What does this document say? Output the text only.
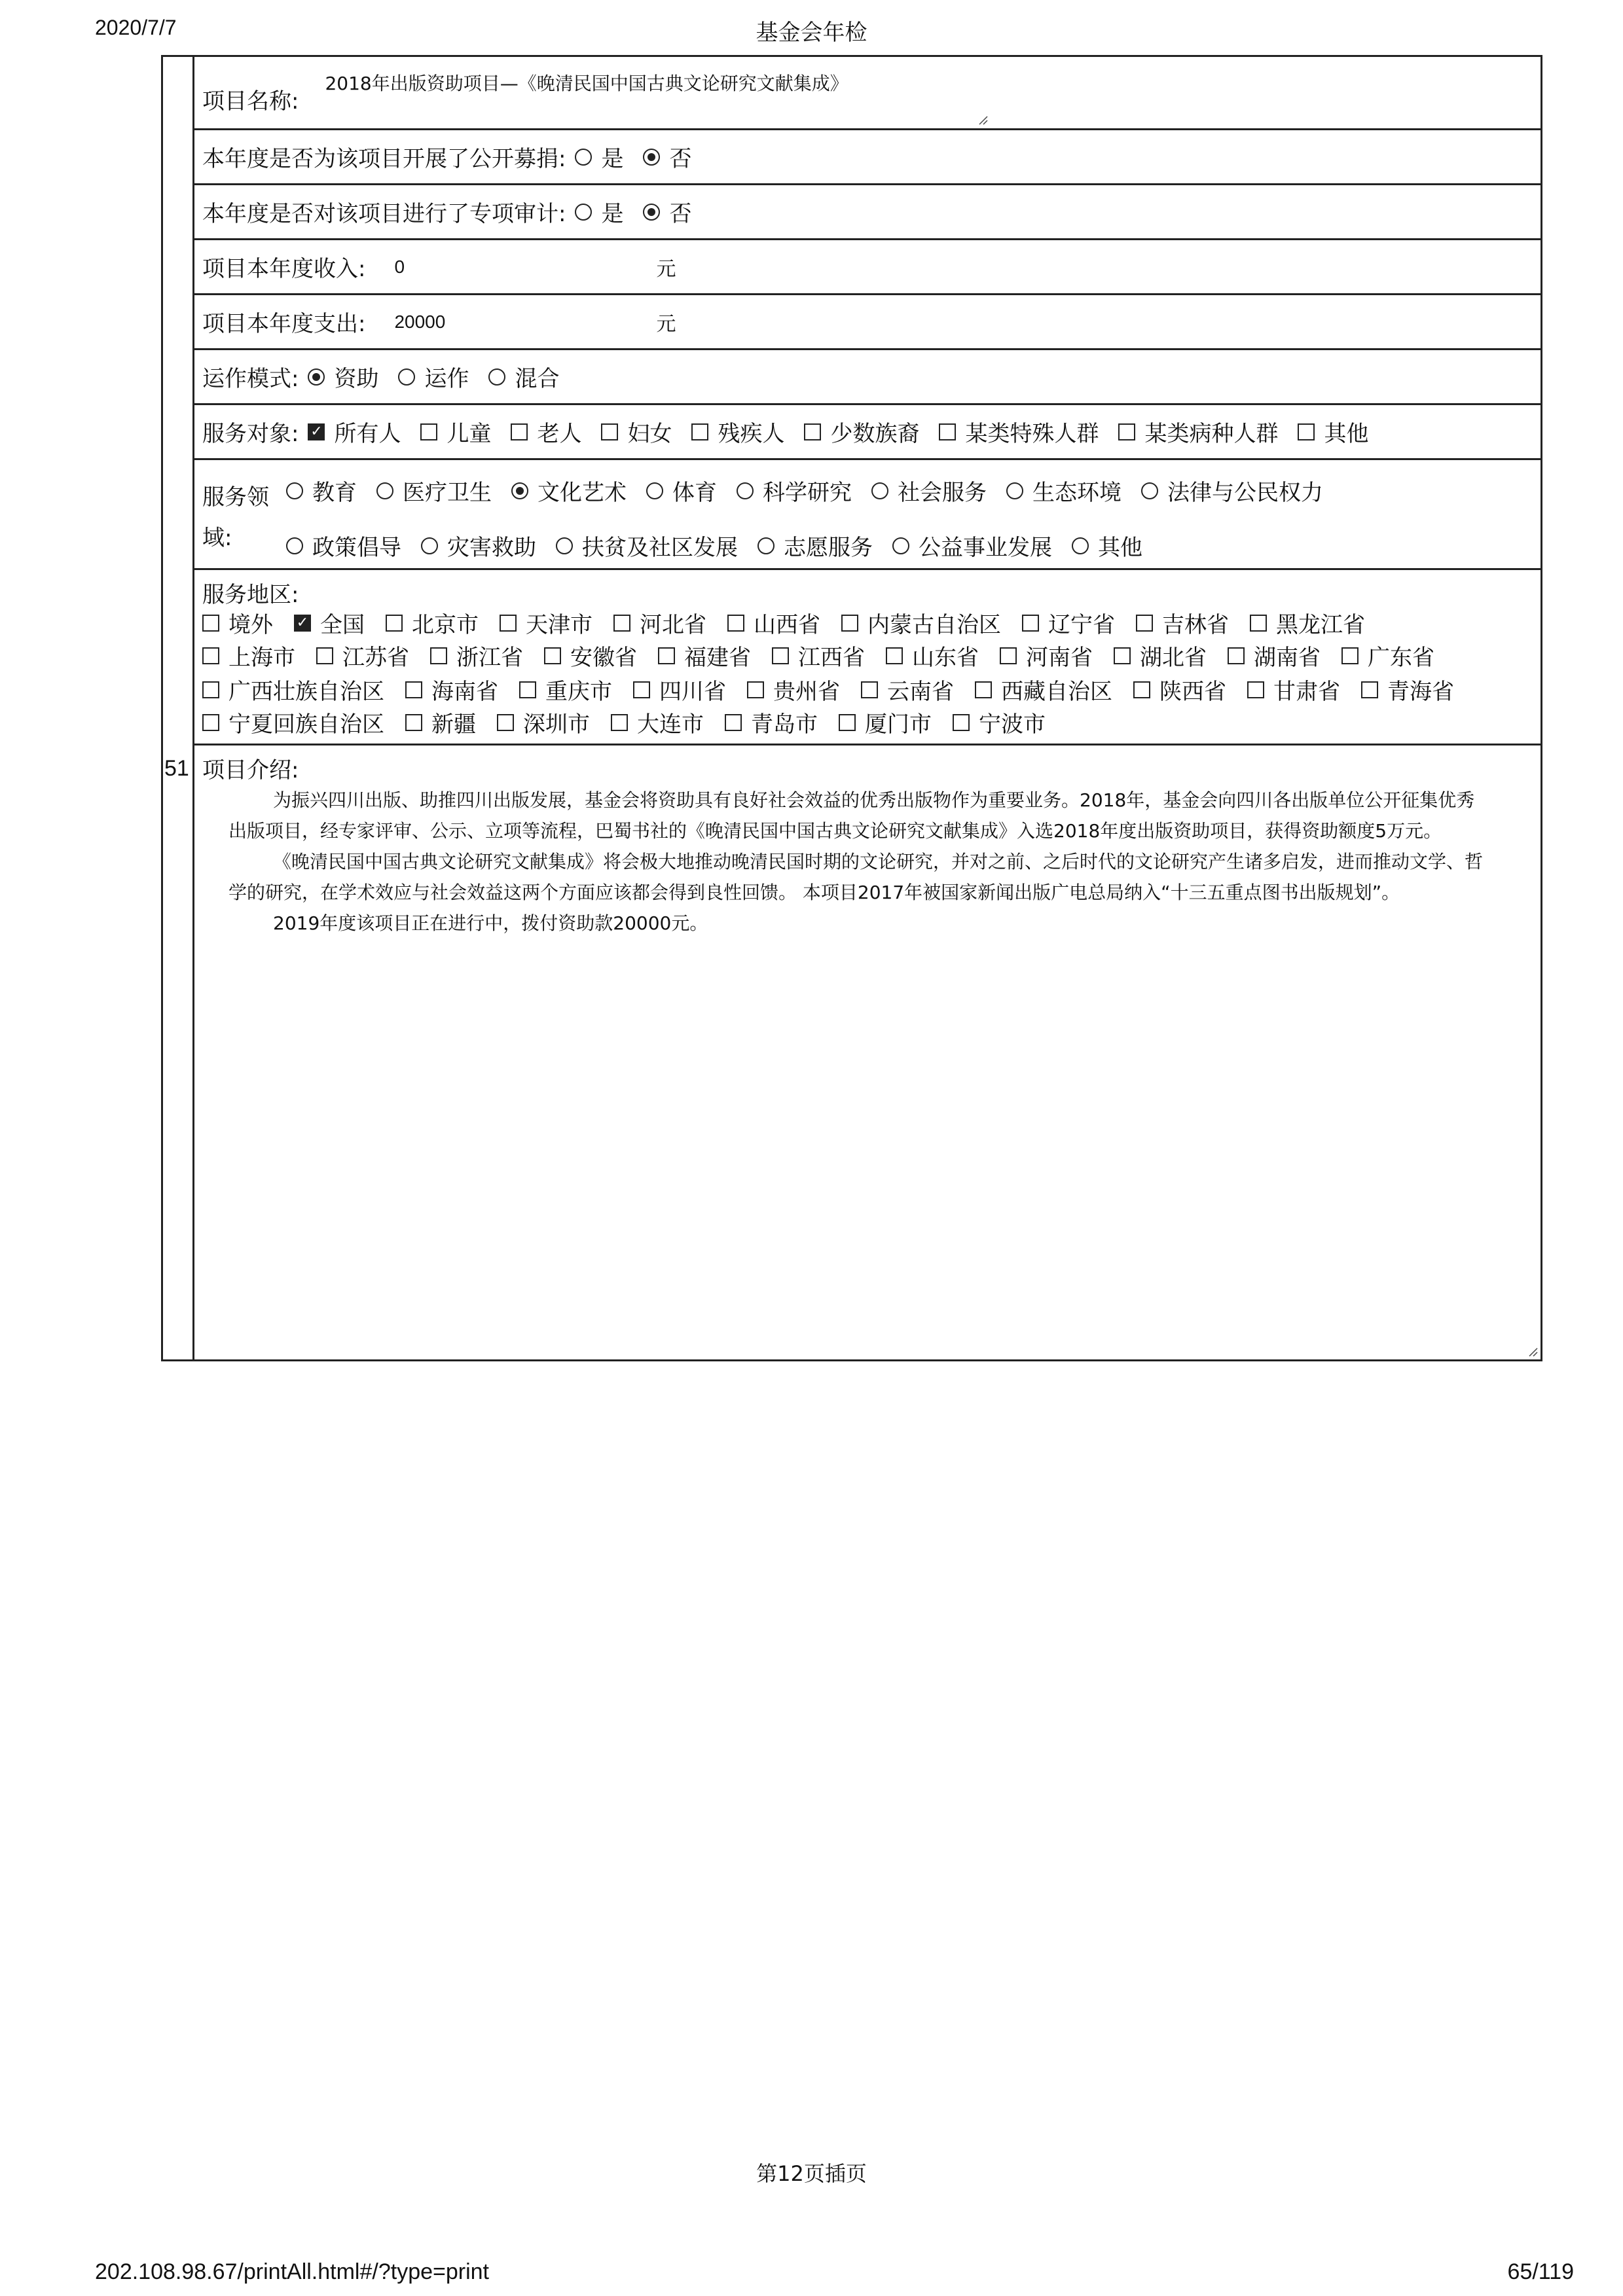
2020/7/7	基金会年检
51
项目名称:
2018年出版资助项目—《晚清民国中国古典文论研究文献集成》
本年度是否为该项目开展了公开募捐: 是 否
本年度是否对该项目进行了专项审计: 是 否
项目本年度收入: 0	元
项目本年度支出: 20000	元
运作模式: 资助 运作 混合
服务对象: ✓ 所有人 儿童 老人 妇女 残疾人 少数族裔 某类特殊人群 某类病种人群 其他
服务领域:
教育 医疗卫生 文化艺术 体育 科学研究 社会服务 生态环境 法律与公民权力
政策倡导 灾害救助 扶贫及社区发展 志愿服务 公益事业发展 其他
服务地区:
境外 ✓ 全国 北京市 天津市 河北省 山西省 内蒙古自治区 辽宁省 吉林省 黑龙江省
上海市 江苏省 浙江省 安徽省 福建省 江西省 山东省 河南省 湖北省 湖南省 广东省
广西壮族自治区 海南省 重庆市 四川省 贵州省 云南省 西藏自治区 陕西省 甘肃省 青海省
宁夏回族自治区 新疆 深圳市 大连市 青岛市 厦门市 宁波市
项目介绍:

为振兴四川出版、助推四川出版发展，基金会将资助具有良好社会效益的优秀出版物作为重要业务。2018年，基金会向四川各出版单位公开征集优秀

出版项目，经专家评审、公示、立项等流程，巴蜀书社的《晚清民国中国古典文论研究文献集成》入选2018年度出版资助项目，获得资助额度5万元。

《晚清民国中国古典文论研究文献集成》将会极大地推动晚清民国时期的文论研究，并对之前、之后时代的文论研究产生诸多启发，进而推动文学、哲

学的研究，在学术效应与社会效益这两个方面应该都会得到良性回馈。 本项目2017年被国家新闻出版广电总局纳入“十三五重点图书出版规划”。

2019年度该项目正在进行中，拨付资助款20000元。

第12页插页
202.108.98.67/printAll.html#/?type=print	65/119
